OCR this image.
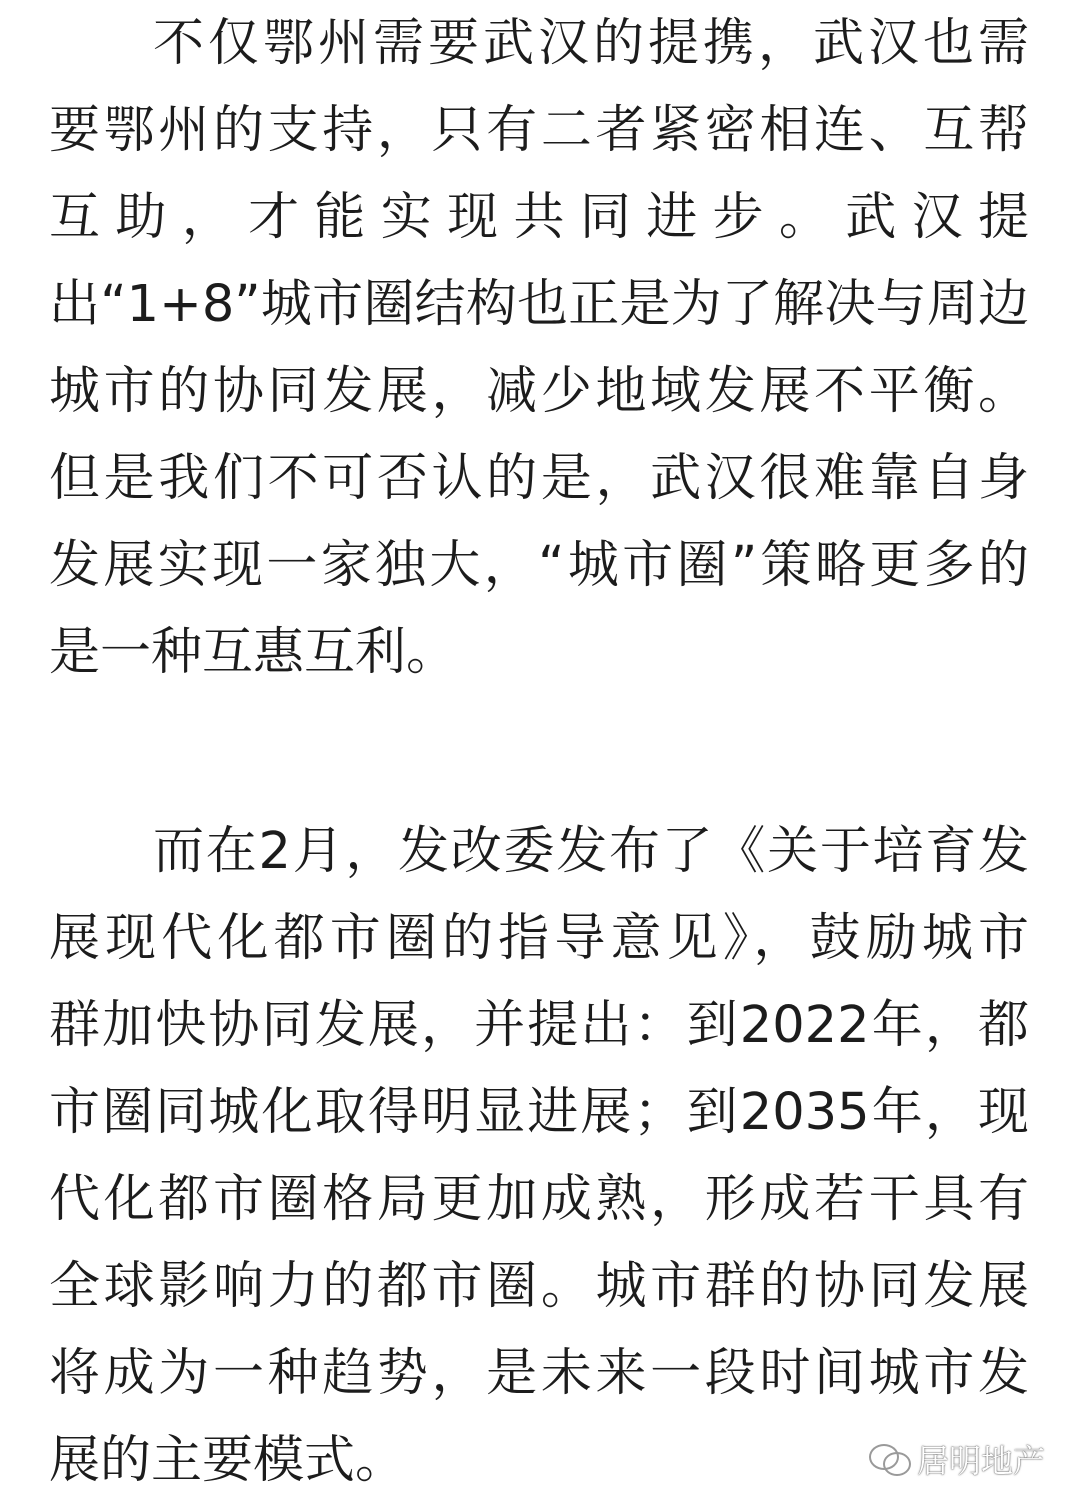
不仅鄂州需要武汉的提携，武汉也需
要鄂州的支持，只有二者紧密相连、互帮
互助，才能实现共同进步。武汉提
出“1+8”城市圈结构也正是为了解决与周边
城市的协同发展，减少地域发展不平衡。
但是我们不可否认的是，武汉很难靠自身
发展实现一家独大，“城市圈”策略更多的
是一种互惠互利。
而在2月，发改委发布了《关于培育发
展现代化都市圈的指导意见》，鼓励城市
群加快协同发展，并提出：到2022年，都
市圈同城化取得明显进展；到2035年，现
代化都市圈格局更加成熟，形成若干具有
全球影响力的都市圈。城市群的协同发展
将成为一种趋势，是未来一段时间城市发
展的主要模式。	居明地产
